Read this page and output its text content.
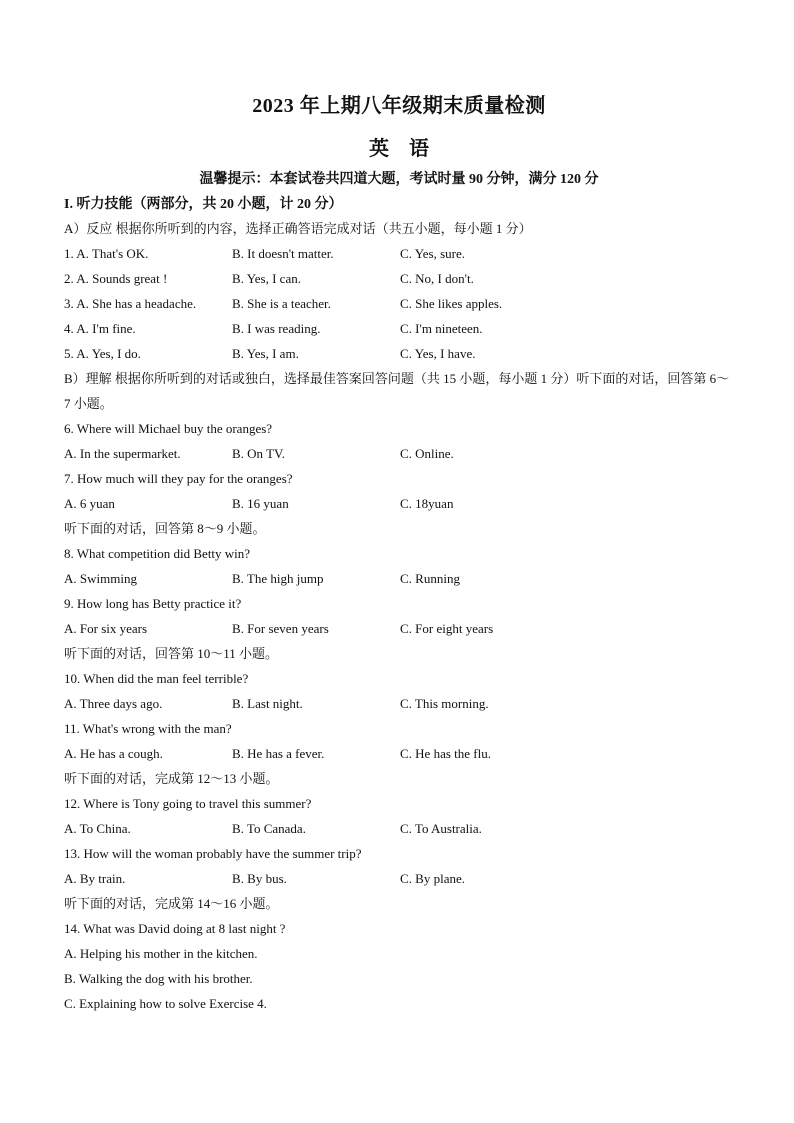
2023 年上期八年级期末质量检测
英　语
温馨提示：本套试卷共四道大题，考试时量 90 分钟，满分 120 分
I. 听力技能（两部分，共 20 小题，计 20 分）
A）反应 根据你所听到的内容，选择正确答语完成对话（共五小题，每小题 1 分）
1. A. That's OK.	B. It doesn't matter.	C. Yes, sure.
2. A. Sounds great !	B. Yes, I can.	C. No, I don't.
3. A. She has a headache.	B. She is a teacher.	C. She likes apples.
4. A. I'm fine.	B. I was reading.	C. I'm nineteen.
5. A. Yes, I do.	B. Yes, I am.	C. Yes, I have.
B）理解 根据你所听到的对话或独白，选择最佳答案回答问题（共 15 小题，每小题 1 分）听下面的对话，回答第 6～7 小题。
6. Where will Michael buy the oranges?
A. In the supermarket.	B. On TV.	C. Online.
7. How much will they pay for the oranges?
A. 6 yuan	B. 16 yuan	C. 18yuan
听下面的对话，回答第 8～9 小题。
8. What competition did Betty win?
A. Swimming	B. The high jump	C. Running
9. How long has Betty practice it?
A. For six years	B. For seven years	C. For eight years
听下面的对话，回答第 10～11 小题。
10. When did the man feel terrible?
A. Three days ago.	B. Last night.	C. This morning.
11. What's wrong with the man?
A. He has a cough.	B. He has a fever.	C. He has the flu.
听下面的对话，完成第 12～13 小题。
12. Where is Tony going to travel this summer?
A. To China.	B. To Canada.	C. To Australia.
13. How will the woman probably have the summer trip?
A. By train.	B. By bus.	C. By plane.
听下面的对话，完成第 14～16 小题。
14. What was David doing at 8 last night ?
A. Helping his mother in the kitchen.
B. Walking the dog with his brother.
C. Explaining how to solve Exercise 4.
